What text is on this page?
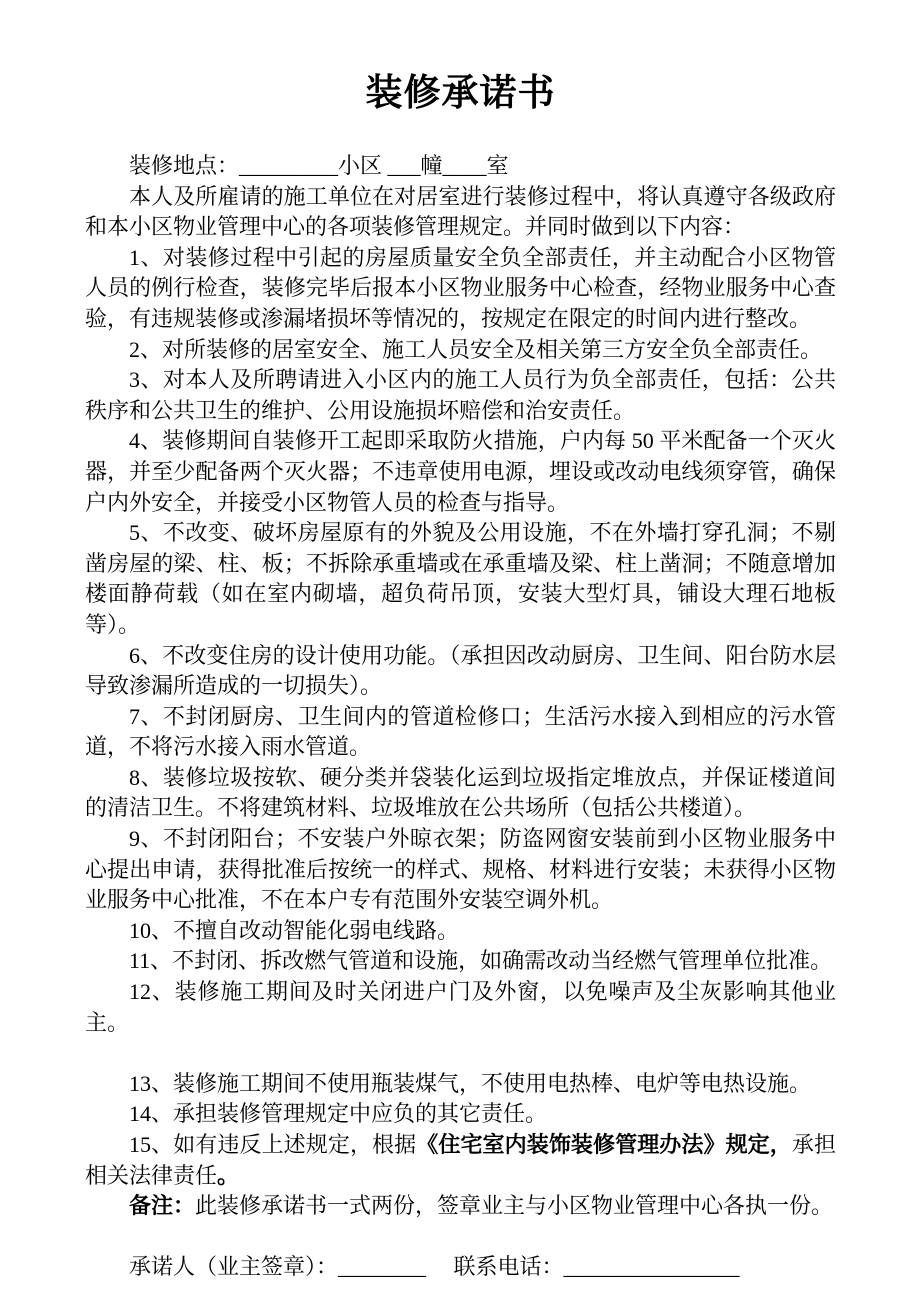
装修承诺书

装修地点：_________小区 ___幢____室

本人及所雇请的施工单位在对居室进行装修过程中，将认真遵守各级政府和本小区物业管理中心的各项装修管理规定。并同时做到以下内容：

1、对装修过程中引起的房屋质量安全负全部责任，并主动配合小区物管人员的例行检查，装修完毕后报本小区物业服务中心检查，经物业服务中心查验，有违规装修或渗漏堵损坏等情况的，按规定在限定的时间内进行整改。

2、对所装修的居室安全、施工人员安全及相关第三方安全负全部责任。

3、对本人及所聘请进入小区内的施工人员行为负全部责任，包括：公共秩序和公共卫生的维护、公用设施损坏赔偿和治安责任。

4、装修期间自装修开工起即采取防火措施，户内每 50 平米配备一个灭火器，并至少配备两个灭火器；不违章使用电源，埋设或改动电线须穿管，确保户内外安全，并接受小区物管人员的检查与指导。

5、不改变、破坏房屋原有的外貌及公用设施，不在外墙打穿孔洞；不剔凿房屋的梁、柱、板；不拆除承重墙或在承重墙及梁、柱上凿洞；不随意增加楼面静荷载（如在室内砌墙，超负荷吊顶，安装大型灯具，铺设大理石地板等）。

6、不改变住房的设计使用功能。（承担因改动厨房、卫生间、阳台防水层导致渗漏所造成的一切损失）。

7、不封闭厨房、卫生间内的管道检修口；生活污水接入到相应的污水管道，不将污水接入雨水管道。

8、装修垃圾按软、硬分类并袋装化运到垃圾指定堆放点，并保证楼道间的清洁卫生。不将建筑材料、垃圾堆放在公共场所（包括公共楼道）。

9、不封闭阳台；不安装户外晾衣架；防盗网窗安装前到小区物业服务中心提出申请，获得批准后按统一的样式、规格、材料进行安装；未获得小区物业服务中心批准，不在本户专有范围外安装空调外机。

10、不擅自改动智能化弱电线路。

11、不封闭、拆改燃气管道和设施，如确需改动当经燃气管理单位批准。

12、装修施工期间及时关闭进户门及外窗，以免噪声及尘灰影响其他业主。

13、装修施工期间不使用瓶装煤气，不使用电热棒、电炉等电热设施。

14、承担装修管理规定中应负的其它责任。

15、如有违反上述规定，根据《住宅室内装饰装修管理办法》规定，承担相关法律责任。

备注：此装修承诺书一式两份，签章业主与小区物业管理中心各执一份。

承诺人（业主签章）：________　 联系电话：________________
